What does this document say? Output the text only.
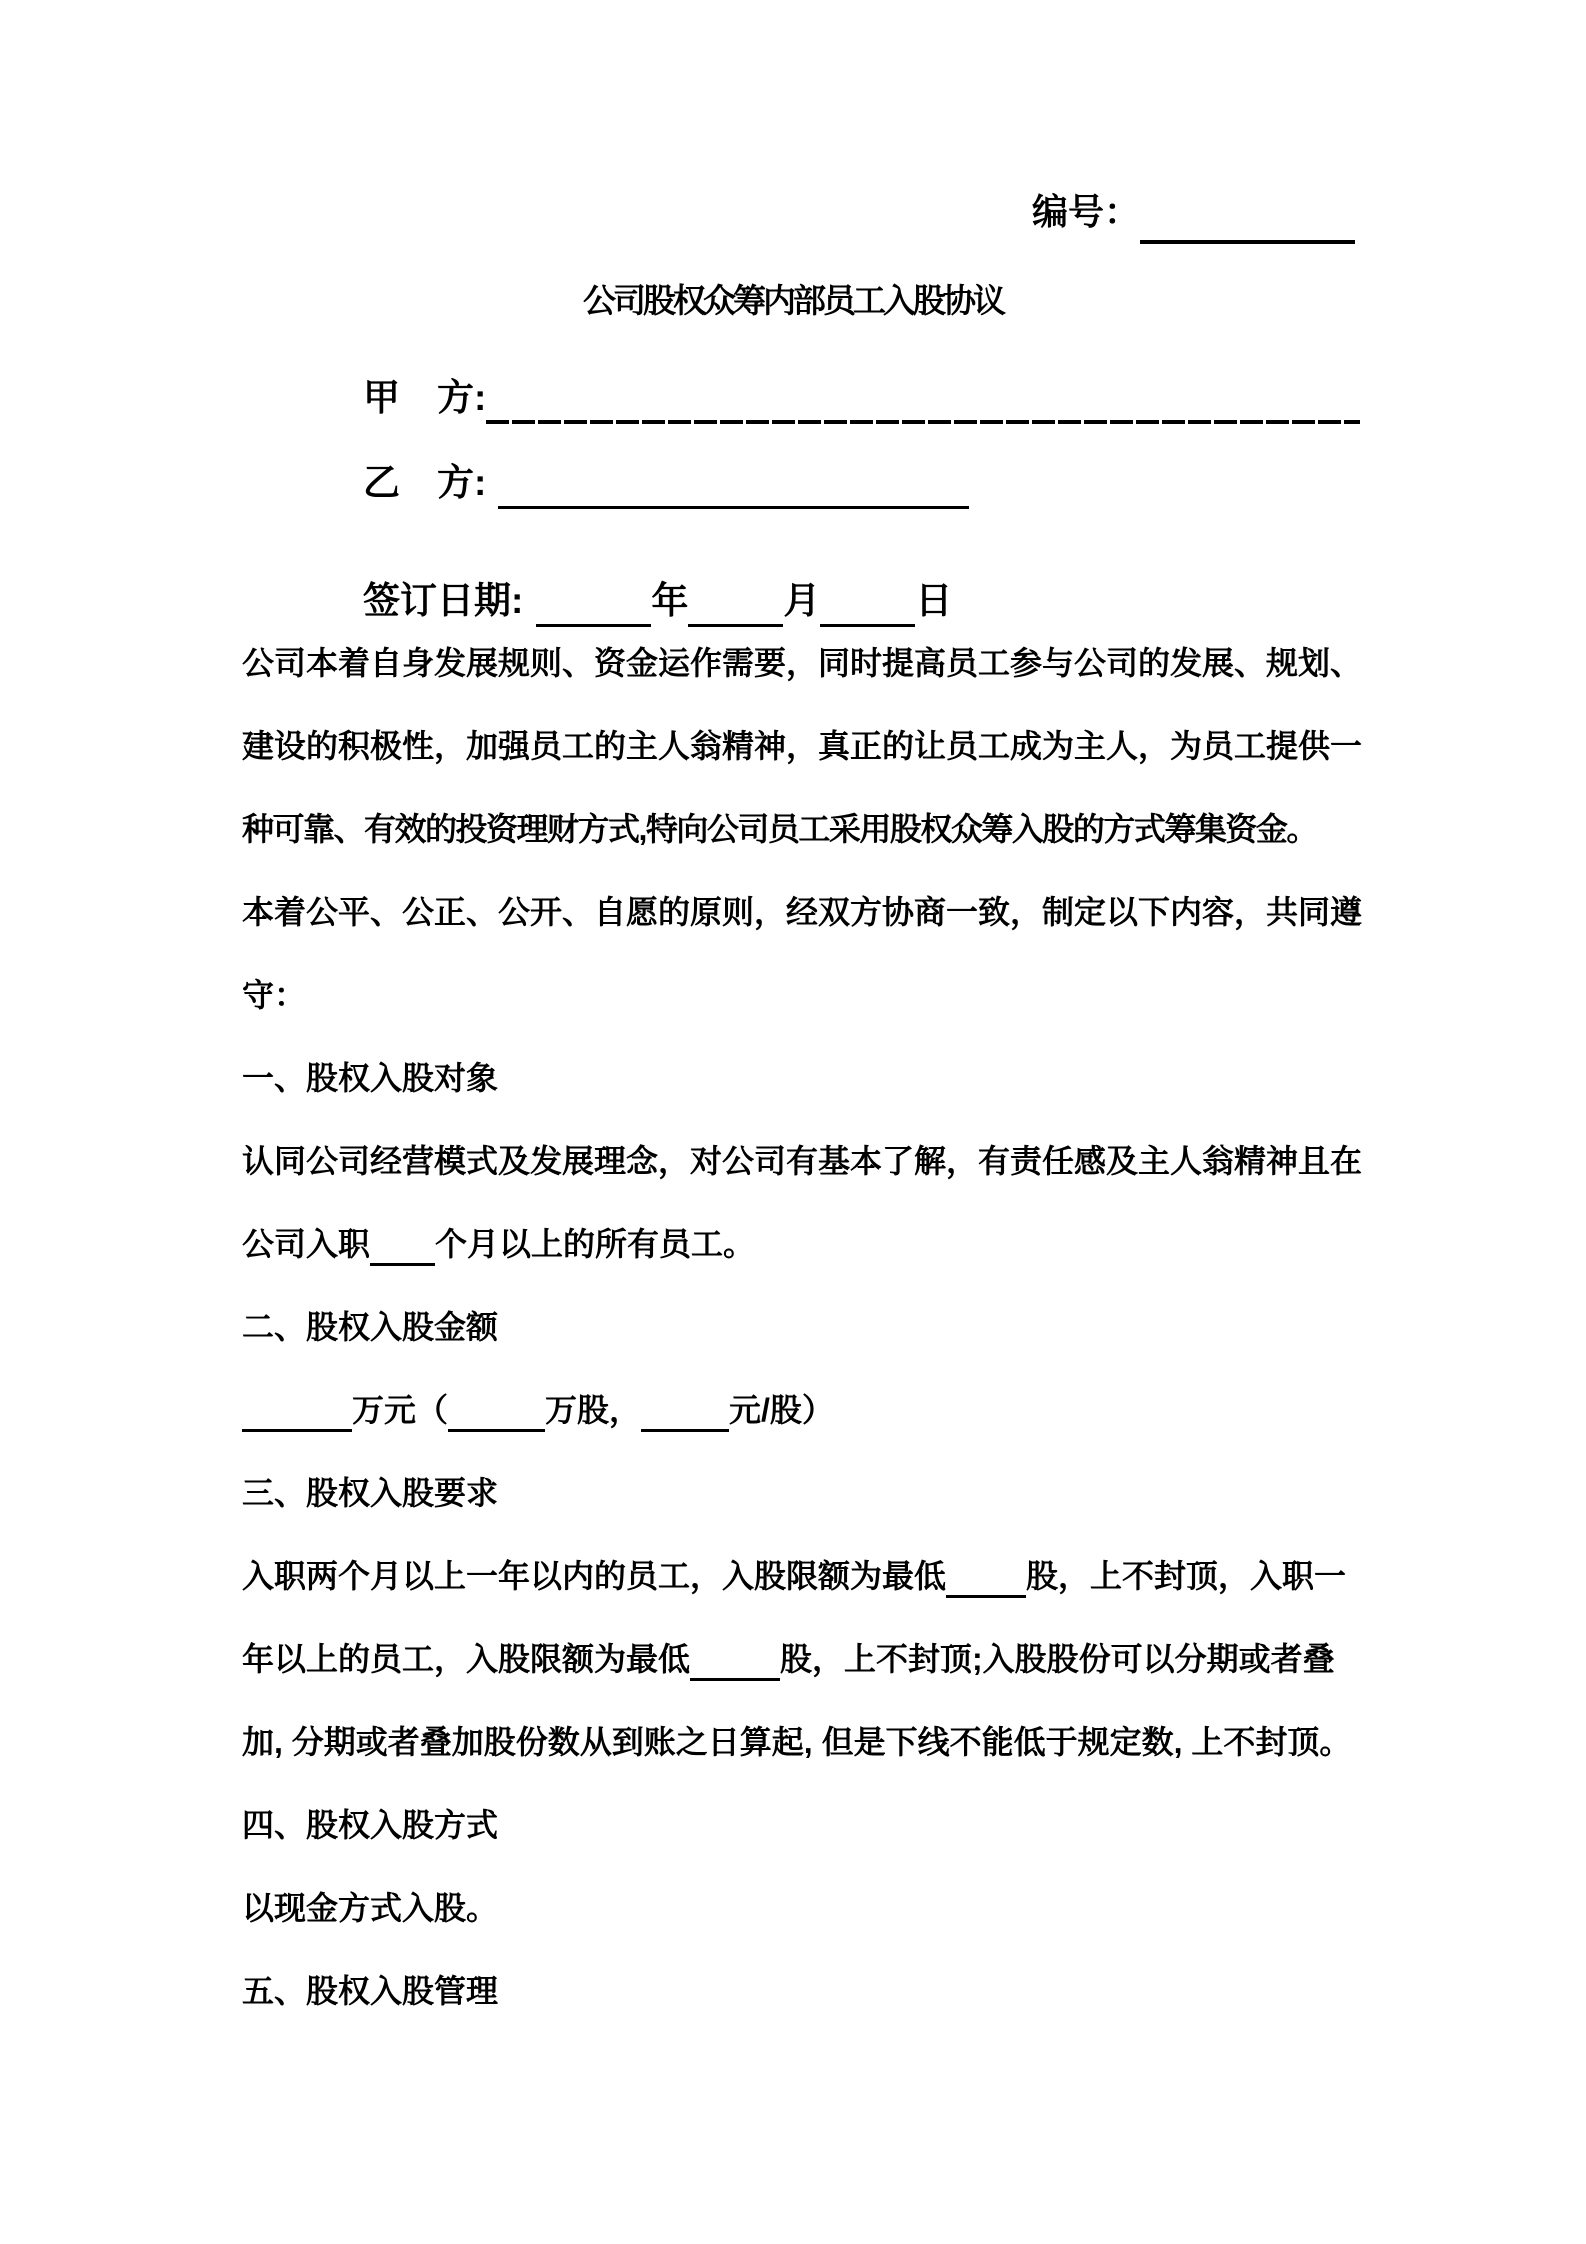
编号：
公司股权众筹内部员工入股协议
甲　方:
乙　方:
签订日期:	年	月	日
公司本着自身发展规则、资金运作需要，同时提高员工参与公司的发展、规划、
建设的积极性，加强员工的主人翁精神，真正的让员工成为主人，为员工提供一
种可靠、有效的投资理财方式,特向公司员工采用股权众筹入股的方式筹集资金。
本着公平、公正、公开、自愿的原则，经双方协商一致，制定以下内容，共同遵
守：
一、股权入股对象
认同公司经营模式及发展理念，对公司有基本了解，有责任感及主人翁精神且在
公司入职 个月以上的所有员工。
二、股权入股金额
万元（	万股，	元/股）
三、股权入股要求
入职两个月以上一年以内的员工，入股限额为最低	股，上不封顶，入职一
年以上的员工，入股限额为最低	股，上不封顶;入股股份可以分期或者叠
加, 分期或者叠加股份数从到账之日算起, 但是下线不能低于规定数, 上不封顶。
四、股权入股方式
以现金方式入股。
五、股权入股管理
